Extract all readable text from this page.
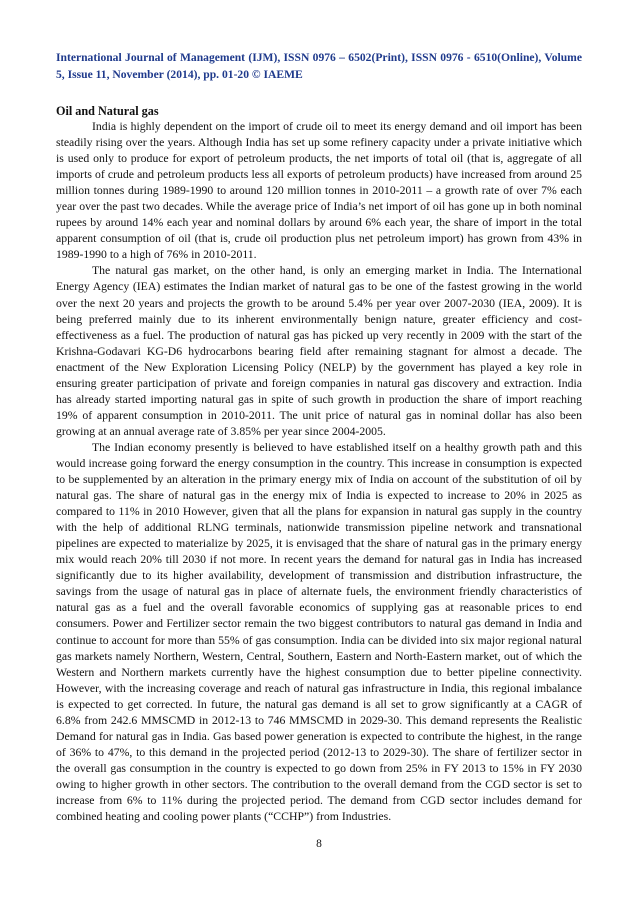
International Journal of Management (IJM), ISSN 0976 – 6502(Print), ISSN 0976 - 6510(Online), Volume 5, Issue 11, November (2014), pp. 01-20 © IAEME

Oil and Natural gas

India is highly dependent on the import of crude oil to meet its energy demand and oil import has been steadily rising over the years. Although India has set up some refinery capacity under a private initiative which is used only to produce for export of petroleum products, the net imports of total oil (that is, aggregate of all imports of crude and petroleum products less all exports of petroleum products) have increased from around 25 million tonnes during 1989-1990 to around 120 million tonnes in 2010-2011 – a growth rate of over 7% each year over the past two decades. While the average price of India’s net import of oil has gone up in both nominal rupees by around 14% each year and nominal dollars by around 6% each year, the share of import in the total apparent consumption of oil (that is, crude oil production plus net petroleum import) has grown from 43% in 1989-1990 to a high of 76% in 2010-2011.

The natural gas market, on the other hand, is only an emerging market in India. The International Energy Agency (IEA) estimates the Indian market of natural gas to be one of the fastest growing in the world over the next 20 years and projects the growth to be around 5.4% per year over 2007-2030 (IEA, 2009). It is being preferred mainly due to its inherent environmentally benign nature, greater efficiency and cost-effectiveness as a fuel. The production of natural gas has picked up very recently in 2009 with the start of the Krishna-Godavari KG-D6 hydrocarbons bearing field after remaining stagnant for almost a decade. The enactment of the New Exploration Licensing Policy (NELP) by the government has played a key role in ensuring greater participation of private and foreign companies in natural gas discovery and extraction. India has already started importing natural gas in spite of such growth in production the share of import reaching 19% of apparent consumption in 2010-2011. The unit price of natural gas in nominal dollar has also been growing at an annual average rate of 3.85% per year since 2004-2005.

The Indian economy presently is believed to have established itself on a healthy growth path and this would increase going forward the energy consumption in the country. This increase in consumption is expected to be supplemented by an alteration in the primary energy mix of India on account of the substitution of oil by natural gas. The share of natural gas in the energy mix of India is expected to increase to 20% in 2025 as compared to 11% in 2010 However, given that all the plans for expansion in natural gas supply in the country with the help of additional RLNG terminals, nationwide transmission pipeline network and transnational pipelines are expected to materialize by 2025, it is envisaged that the share of natural gas in the primary energy mix would reach 20% till 2030 if not more. In recent years the demand for natural gas in India has increased significantly due to its higher availability, development of transmission and distribution infrastructure, the savings from the usage of natural gas in place of alternate fuels, the environment friendly characteristics of natural gas as a fuel and the overall favorable economics of supplying gas at reasonable prices to end consumers. Power and Fertilizer sector remain the two biggest contributors to natural gas demand in India and continue to account for more than 55% of gas consumption. India can be divided into six major regional natural gas markets namely Northern, Western, Central, Southern, Eastern and North-Eastern market, out of which the Western and Northern markets currently have the highest consumption due to better pipeline connectivity. However, with the increasing coverage and reach of natural gas infrastructure in India, this regional imbalance is expected to get corrected. In future, the natural gas demand is all set to grow significantly at a CAGR of 6.8% from 242.6 MMSCMD in 2012-13 to 746 MMSCMD in 2029-30. This demand represents the Realistic Demand for natural gas in India. Gas based power generation is expected to contribute the highest, in the range of 36% to 47%, to this demand in the projected period (2012-13 to 2029-30). The share of fertilizer sector in the overall gas consumption in the country is expected to go down from 25% in FY 2013 to 15% in FY 2030 owing to higher growth in other sectors. The contribution to the overall demand from the CGD sector is set to increase from 6% to 11% during the projected period. The demand from CGD sector includes demand for combined heating and cooling power plants (“CCHP”) from Industries.

8
